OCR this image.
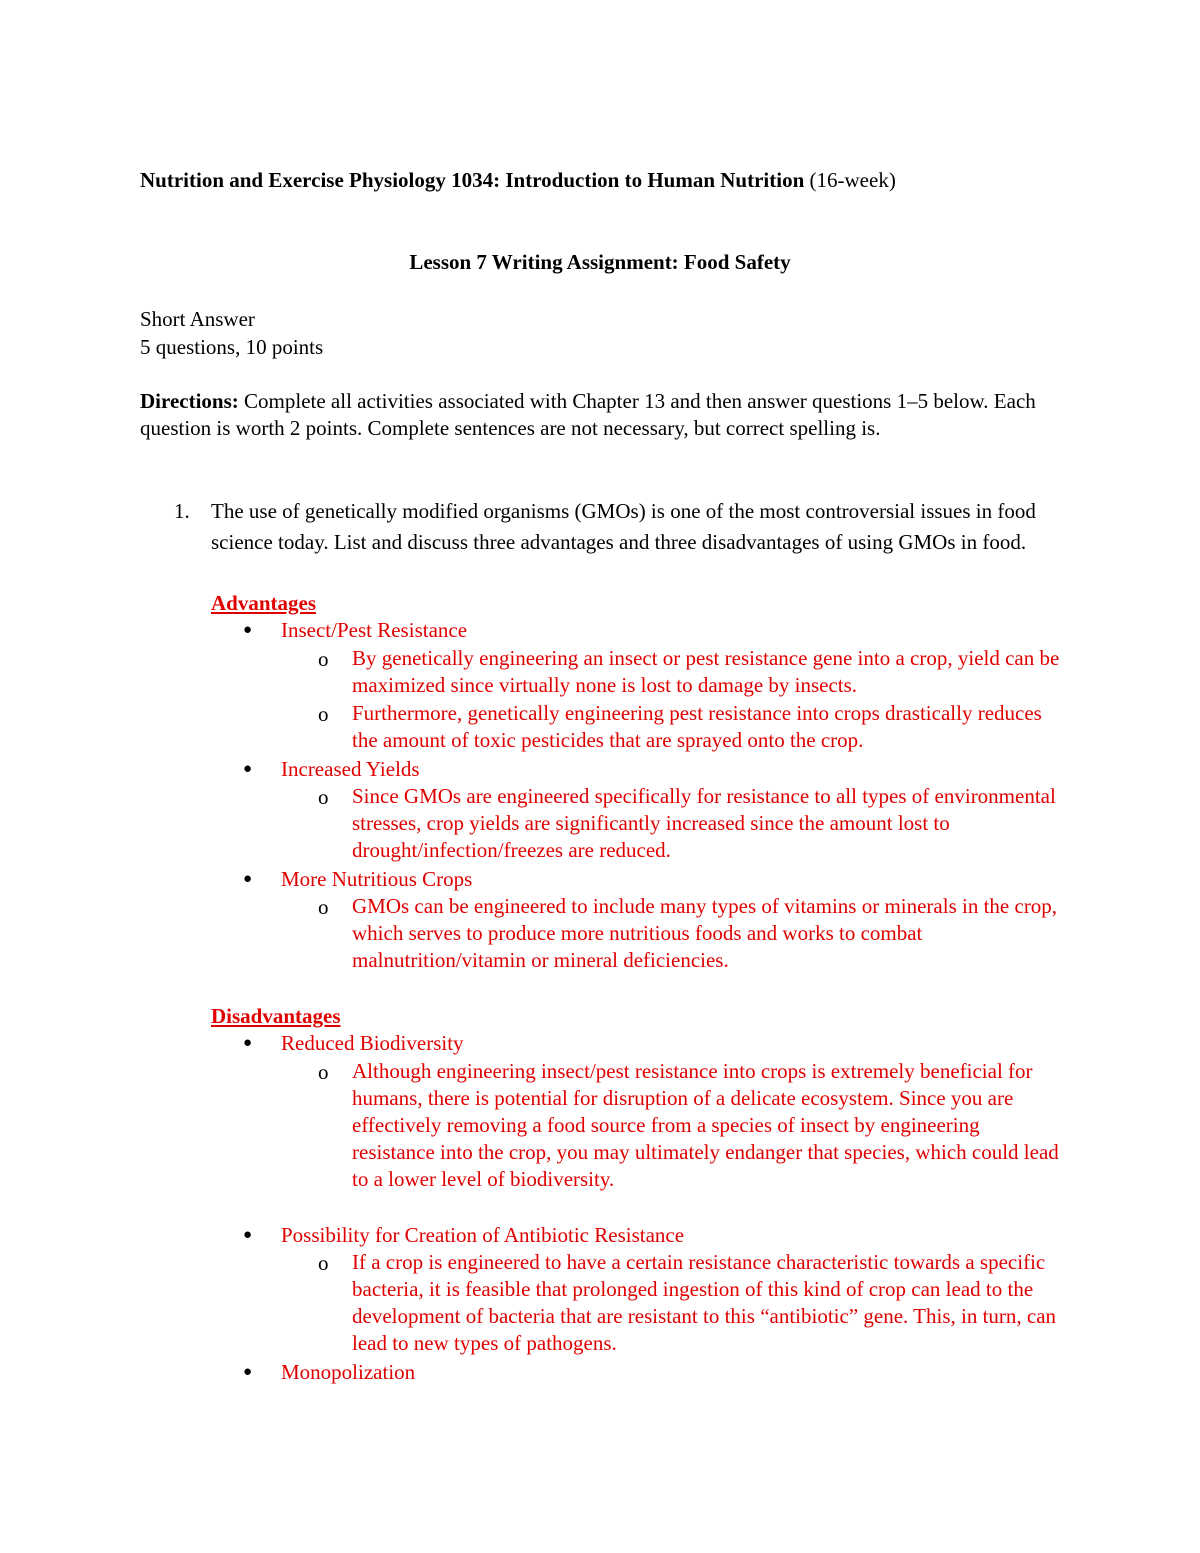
Nutrition and Exercise Physiology 1034: Introduction to Human Nutrition (16-week)
Lesson 7 Writing Assignment: Food Safety
Short Answer
5 questions, 10 points
Directions: Complete all activities associated with Chapter 13 and then answer questions 1–5 below. Each question is worth 2 points. Complete sentences are not necessary, but correct spelling is.
1. The use of genetically modified organisms (GMOs) is one of the most controversial issues in food science today. List and discuss three advantages and three disadvantages of using GMOs in food.
Advantages
● Insect/Pest Resistance
o By genetically engineering an insect or pest resistance gene into a crop, yield can be maximized since virtually none is lost to damage by insects.
o Furthermore, genetically engineering pest resistance into crops drastically reduces the amount of toxic pesticides that are sprayed onto the crop.
● Increased Yields
o Since GMOs are engineered specifically for resistance to all types of environmental stresses, crop yields are significantly increased since the amount lost to drought/infection/freezes are reduced.
● More Nutritious Crops
o GMOs can be engineered to include many types of vitamins or minerals in the crop, which serves to produce more nutritious foods and works to combat malnutrition/vitamin or mineral deficiencies.
Disadvantages
● Reduced Biodiversity
o Although engineering insect/pest resistance into crops is extremely beneficial for humans, there is potential for disruption of a delicate ecosystem. Since you are effectively removing a food source from a species of insect by engineering resistance into the crop, you may ultimately endanger that species, which could lead to a lower level of biodiversity.
● Possibility for Creation of Antibiotic Resistance
o If a crop is engineered to have a certain resistance characteristic towards a specific bacteria, it is feasible that prolonged ingestion of this kind of crop can lead to the development of bacteria that are resistant to this “antibiotic” gene. This, in turn, can lead to new types of pathogens.
● Monopolization
